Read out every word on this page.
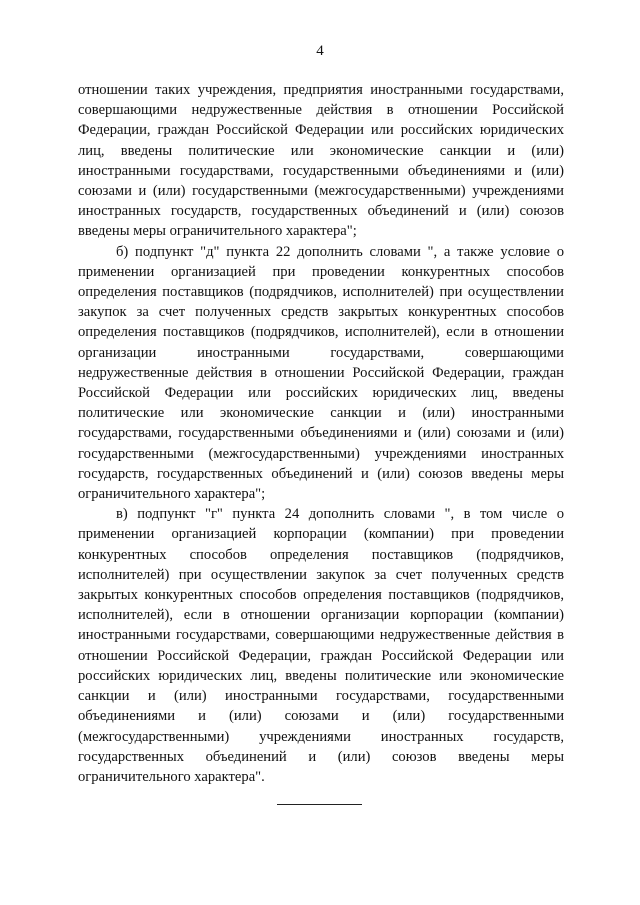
4

отношении таких учреждения, предприятия иностранными государствами, совершающими недружественные действия в отношении Российской Федерации, граждан Российской Федерации или российских юридических лиц, введены политические или экономические санкции и (или) иностранными государствами, государственными объединениями и (или) союзами и (или) государственными (межгосударственными) учреждениями иностранных государств, государственных объединений и (или) союзов введены меры ограничительного характера";

б) подпункт "д" пункта 22 дополнить словами ", а также условие о применении организацией при проведении конкурентных способов определения поставщиков (подрядчиков, исполнителей) при осуществлении закупок за счет полученных средств закрытых конкурентных способов определения поставщиков (подрядчиков, исполнителей), если в отношении организации иностранными государствами, совершающими недружественные действия в отношении Российской Федерации, граждан Российской Федерации или российских юридических лиц, введены политические или экономические санкции и (или) иностранными государствами, государственными объединениями и (или) союзами и (или) государственными (межгосударственными) учреждениями иностранных государств, государственных объединений и (или) союзов введены меры ограничительного характера";

в) подпункт "г" пункта 24 дополнить словами ", в том числе о применении организацией корпорации (компании) при проведении конкурентных способов определения поставщиков (подрядчиков, исполнителей) при осуществлении закупок за счет полученных средств закрытых конкурентных способов определения поставщиков (подрядчиков, исполнителей), если в отношении организации корпорации (компании) иностранными государствами, совершающими недружественные действия в отношении Российской Федерации, граждан Российской Федерации или российских юридических лиц, введены политические или экономические санкции и (или) иностранными государствами, государственными объединениями и (или) союзами и (или) государственными (межгосударственными) учреждениями иностранных государств, государственных объединений и (или) союзов введены меры ограничительного характера".
